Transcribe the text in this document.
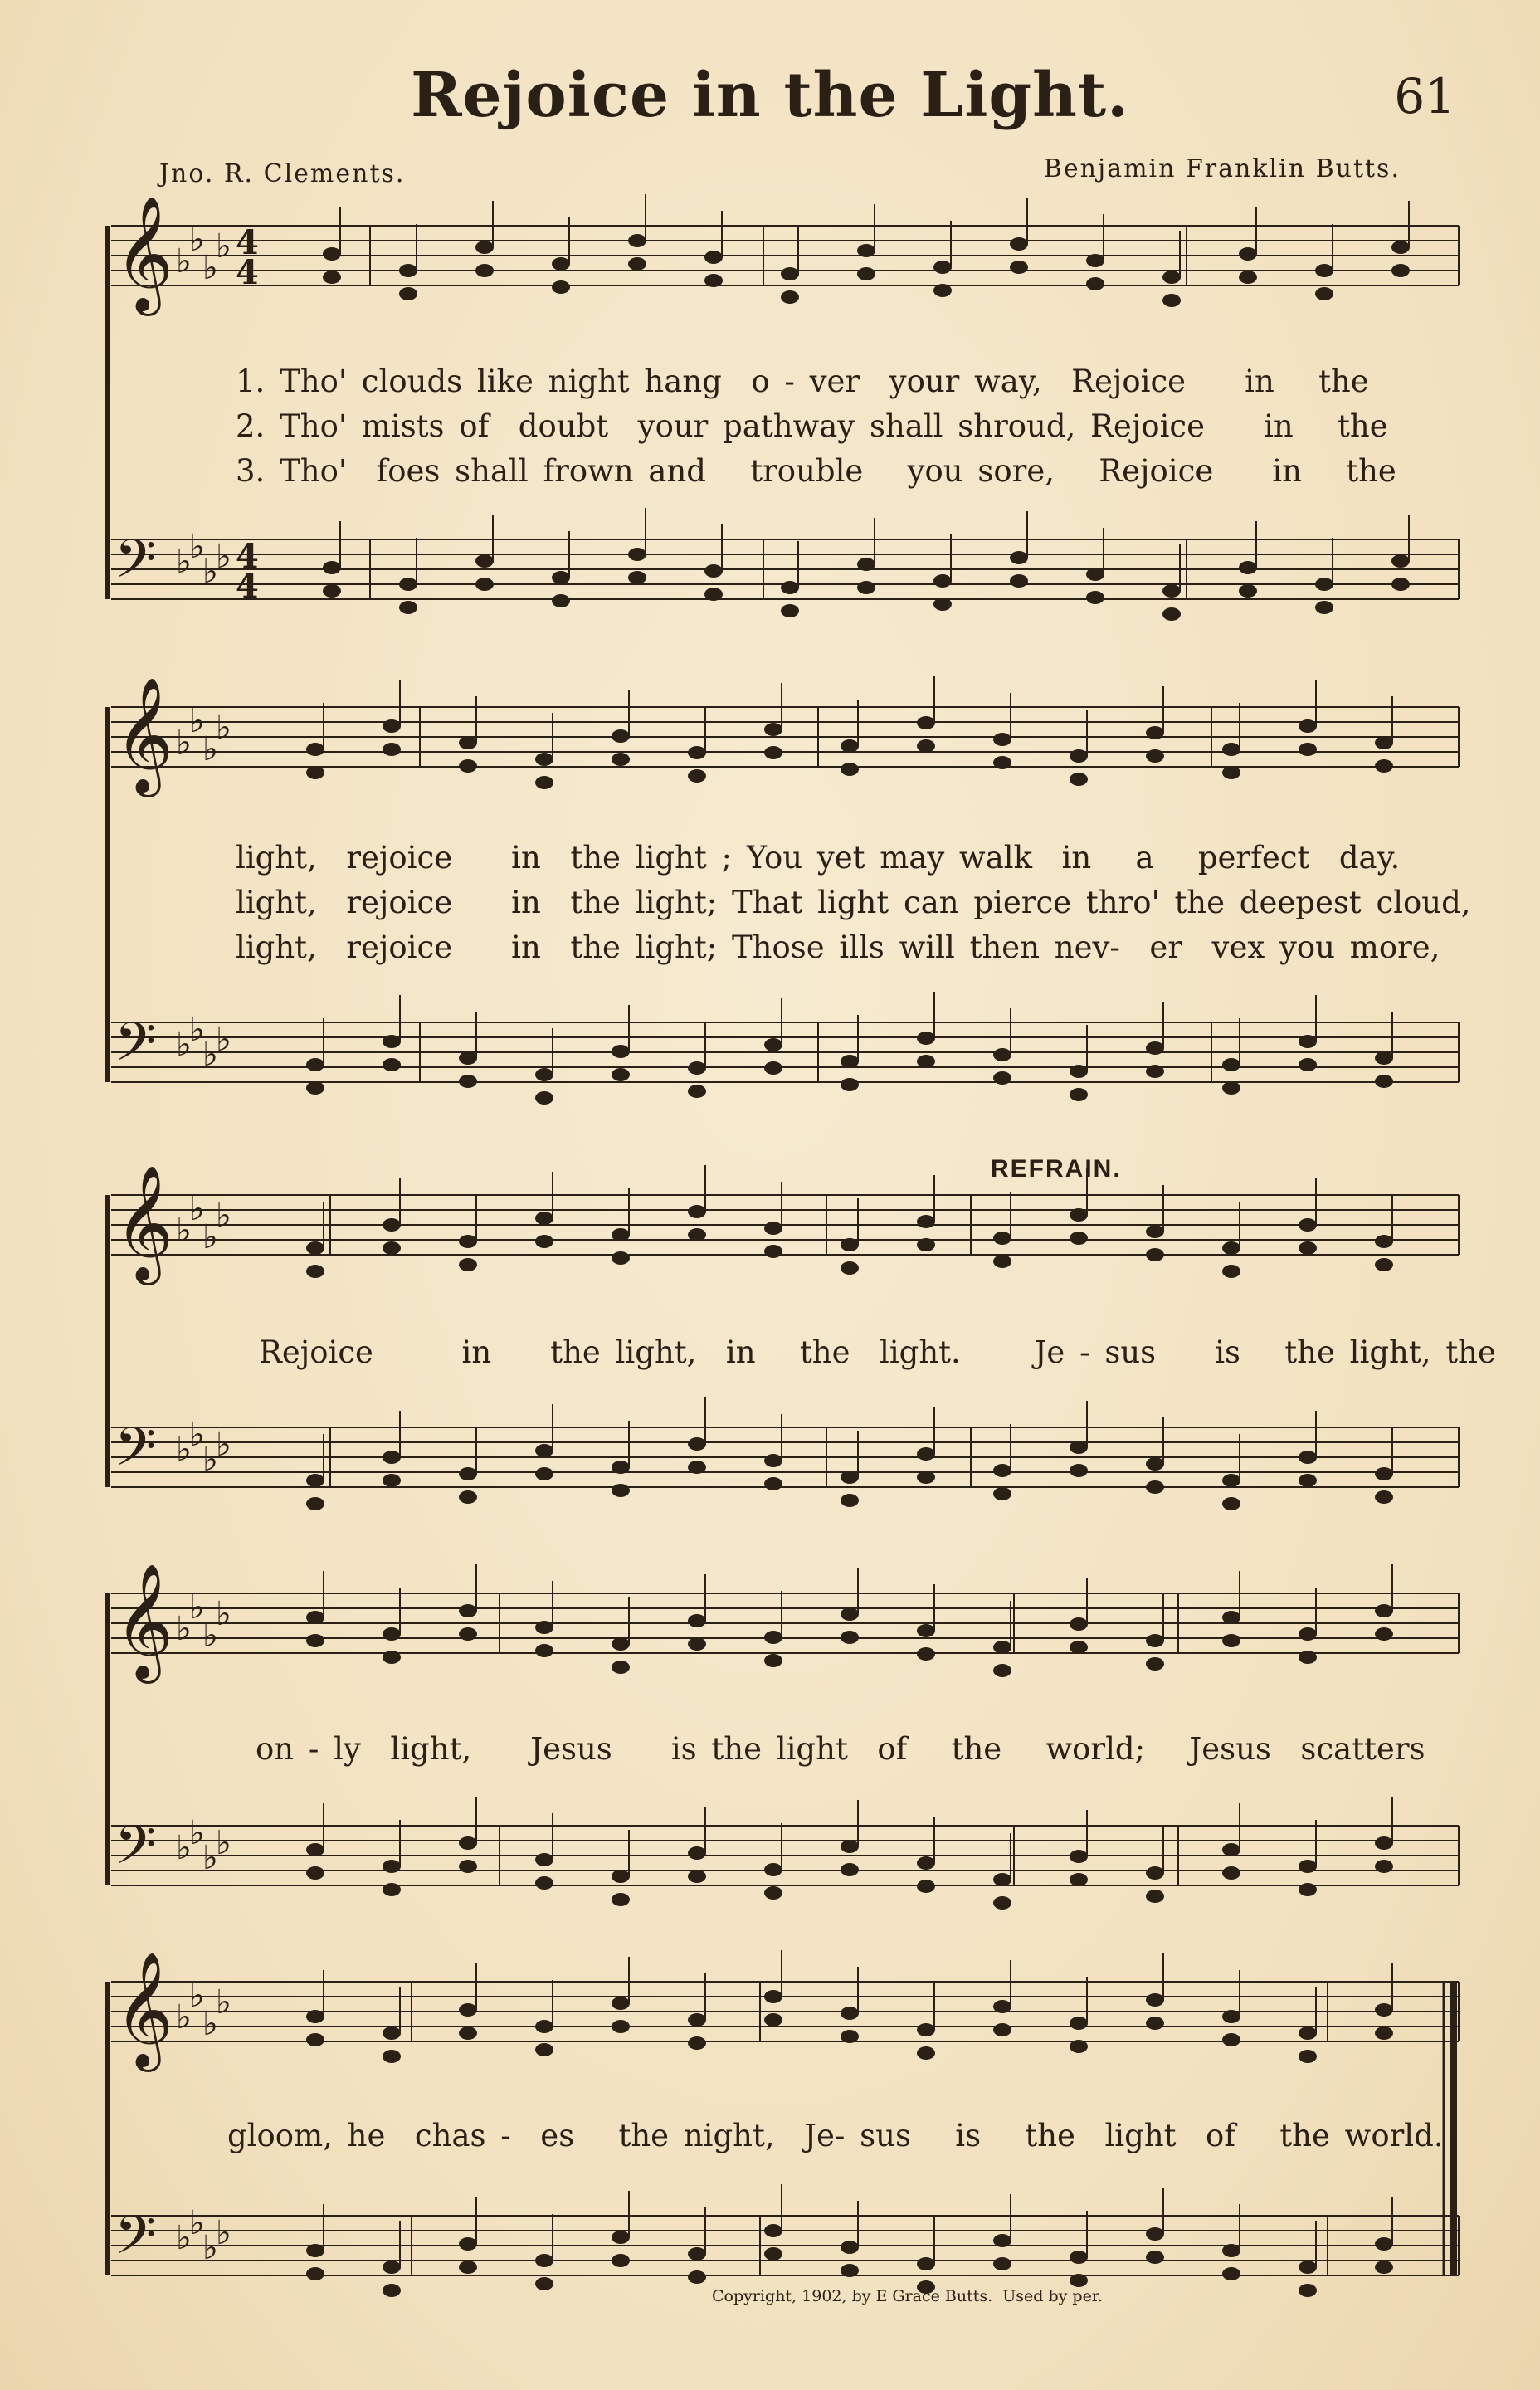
Rejoice in the Light.	61
Jno. R. Clements.	Benjamin Franklin Butts.
𝄞 ♭
♭
♭
♭
𝄢 ♭
♭
♭
♭
4
4
4
4
𝄞 ♭
♭
♭
♭
𝄢 ♭
♭
♭
♭
𝄞 ♭
♭
♭
♭
𝄢 ♭
♭
♭
♭
𝄞 ♭
♭
♭
♭
𝄢 ♭
♭
♭
♭
𝄞 ♭
♭
♭
♭
𝄢 ♭
♭
♭
♭
1. Tho' clouds like night hang  o - ver  your way,  Rejoice    in   the
2. Tho' mists of  doubt  your pathway shall shroud, Rejoice    in   the
3. Tho'  foes shall frown and   trouble   you sore,   Rejoice    in   the
light,  rejoice    in  the light ; You yet may walk  in   a   perfect  day.
light,  rejoice    in  the light; That light can pierce thro' the deepest cloud,
light,  rejoice    in  the light; Those ills will then nev-  er  vex you more,
REFRAIN.
Rejoice      in    the light,  in   the  light.     Je - sus    is   the light, the
on - ly  light,    Jesus    is the light  of   the   world;   Jesus  scatters
gloom, he  chas -  es   the night,  Je- sus   is   the  light  of   the world.
Copyright, 1902, by E Grace Butts.  Used by per.
